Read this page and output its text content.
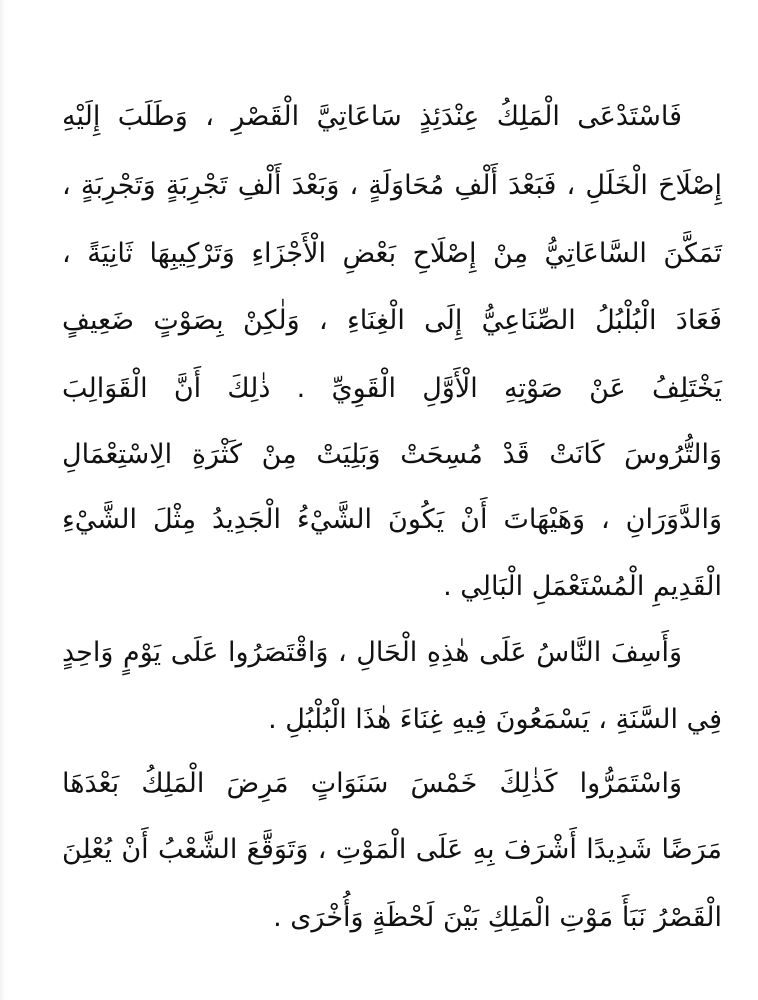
فَاسْتَدْعَى الْمَلِكُ عِنْدَئِذٍ سَاعَاتِيَّ الْقَصْرِ ، وَطَلَبَ إِلَيْهِ
إِصْلَاحَ الْخَلَلِ ، فَبَعْدَ أَلْفِ مُحَاوَلَةٍ ، وَبَعْدَ أَلْفِ تَجْرِبَةٍ وَتَجْرِبَةٍ ،
تَمَكَّنَ السَّاعَاتِيُّ مِنْ إِصْلَاحِ بَعْضِ الْأَجْزَاءِ وَتَرْكِيبِهَا ثَانِيَةً ،
فَعَادَ الْبُلْبُلُ الصِّنَاعِيُّ إِلَى الْغِنَاءِ ، وَلٰكِنْ بِصَوْتٍ ضَعِيفٍ
يَخْتَلِفُ عَنْ صَوْتِهِ الْأَوَّلِ الْقَوِيِّ . ذٰلِكَ أَنَّ الْقَوَالِبَ
وَالتُّرُوسَ كَانَتْ قَدْ مُسِحَتْ وَبَلِيَتْ مِنْ كَثْرَةِ الِاسْتِعْمَالِ
وَالدَّوَرَانِ ، وَهَيْهَاتَ أَنْ يَكُونَ الشَّيْءُ الْجَدِيدُ مِثْلَ الشَّيْءِ
الْقَدِيمِ الْمُسْتَعْمَلِ الْبَالِي .
وَأَسِفَ النَّاسُ عَلَى هٰذِهِ الْحَالِ ، وَاقْتَصَرُوا عَلَى يَوْمٍ وَاحِدٍ
فِي السَّنَةِ ، يَسْمَعُونَ فِيهِ غِنَاءَ هٰذَا الْبُلْبُلِ .
وَاسْتَمَرُّوا كَذٰلِكَ خَمْسَ سَنَوَاتٍ مَرِضَ الْمَلِكُ بَعْدَهَا
مَرَضًا شَدِيدًا أَشْرَفَ بِهِ عَلَى الْمَوْتِ ، وَتَوَقَّعَ الشَّعْبُ أَنْ يُعْلِنَ
الْقَصْرُ نَبَأَ مَوْتِ الْمَلِكِ بَيْنَ لَحْظَةٍ وَأُخْرَى .
